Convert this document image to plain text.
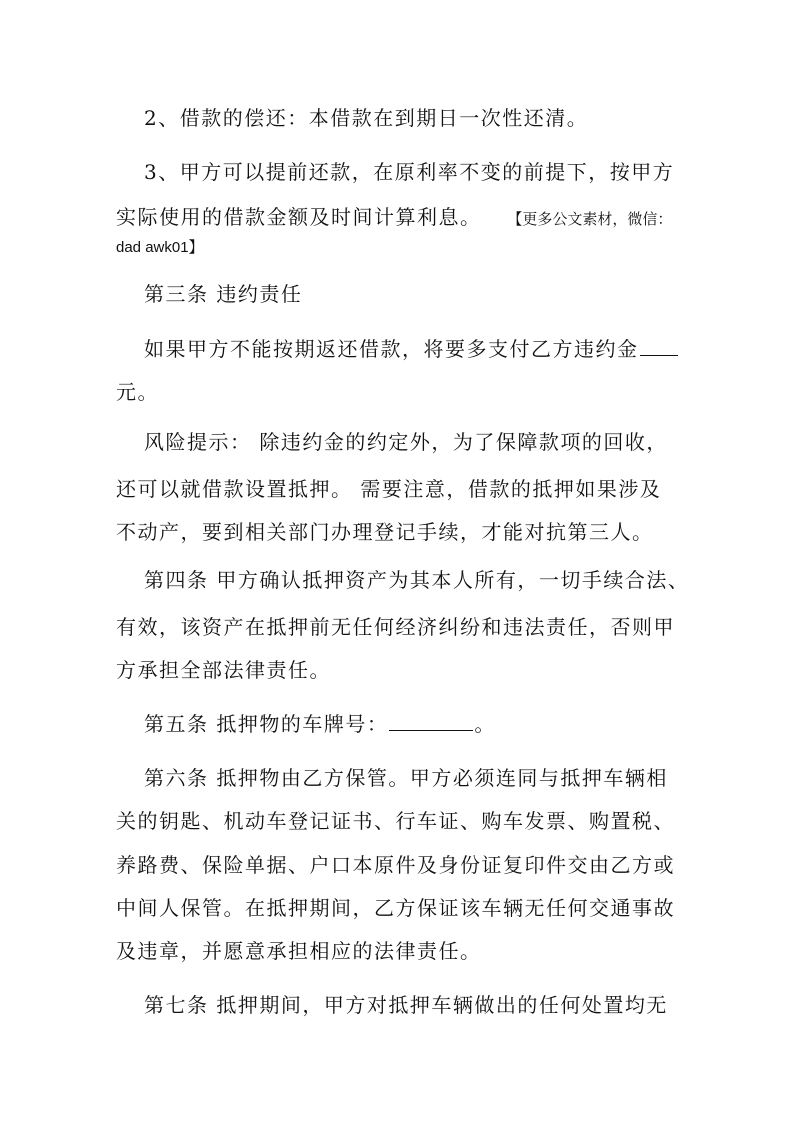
2、借款的偿还：本借款在到期日一次性还清。
3、甲方可以提前还款，在原利率不变的前提下，按甲方
实际使用的借款金额及时间计算利息。 【更多公文素材，微信：
dad awk01】
第三条 违约责任
如果甲方不能按期返还借款，将要多支付乙方违约金
元。
风险提示： 除违约金的约定外，为了保障款项的回收，
还可以就借款设置抵押。 需要注意，借款的抵押如果涉及
不动产，要到相关部门办理登记手续，才能对抗第三人。
第四条 甲方确认抵押资产为其本人所有，一切手续合法、
有效，该资产在抵押前无任何经济纠纷和违法责任，否则甲
方承担全部法律责任。
第五条 抵押物的车牌号：	。
第六条 抵押物由乙方保管。甲方必须连同与抵押车辆相
关的钥匙、机动车登记证书、行车证、购车发票、购置税、
养路费、保险单据、户口本原件及身份证复印件交由乙方或
中间人保管。在抵押期间，乙方保证该车辆无任何交通事故
及违章，并愿意承担相应的法律责任。
第七条 抵押期间，甲方对抵押车辆做出的任何处置均无
